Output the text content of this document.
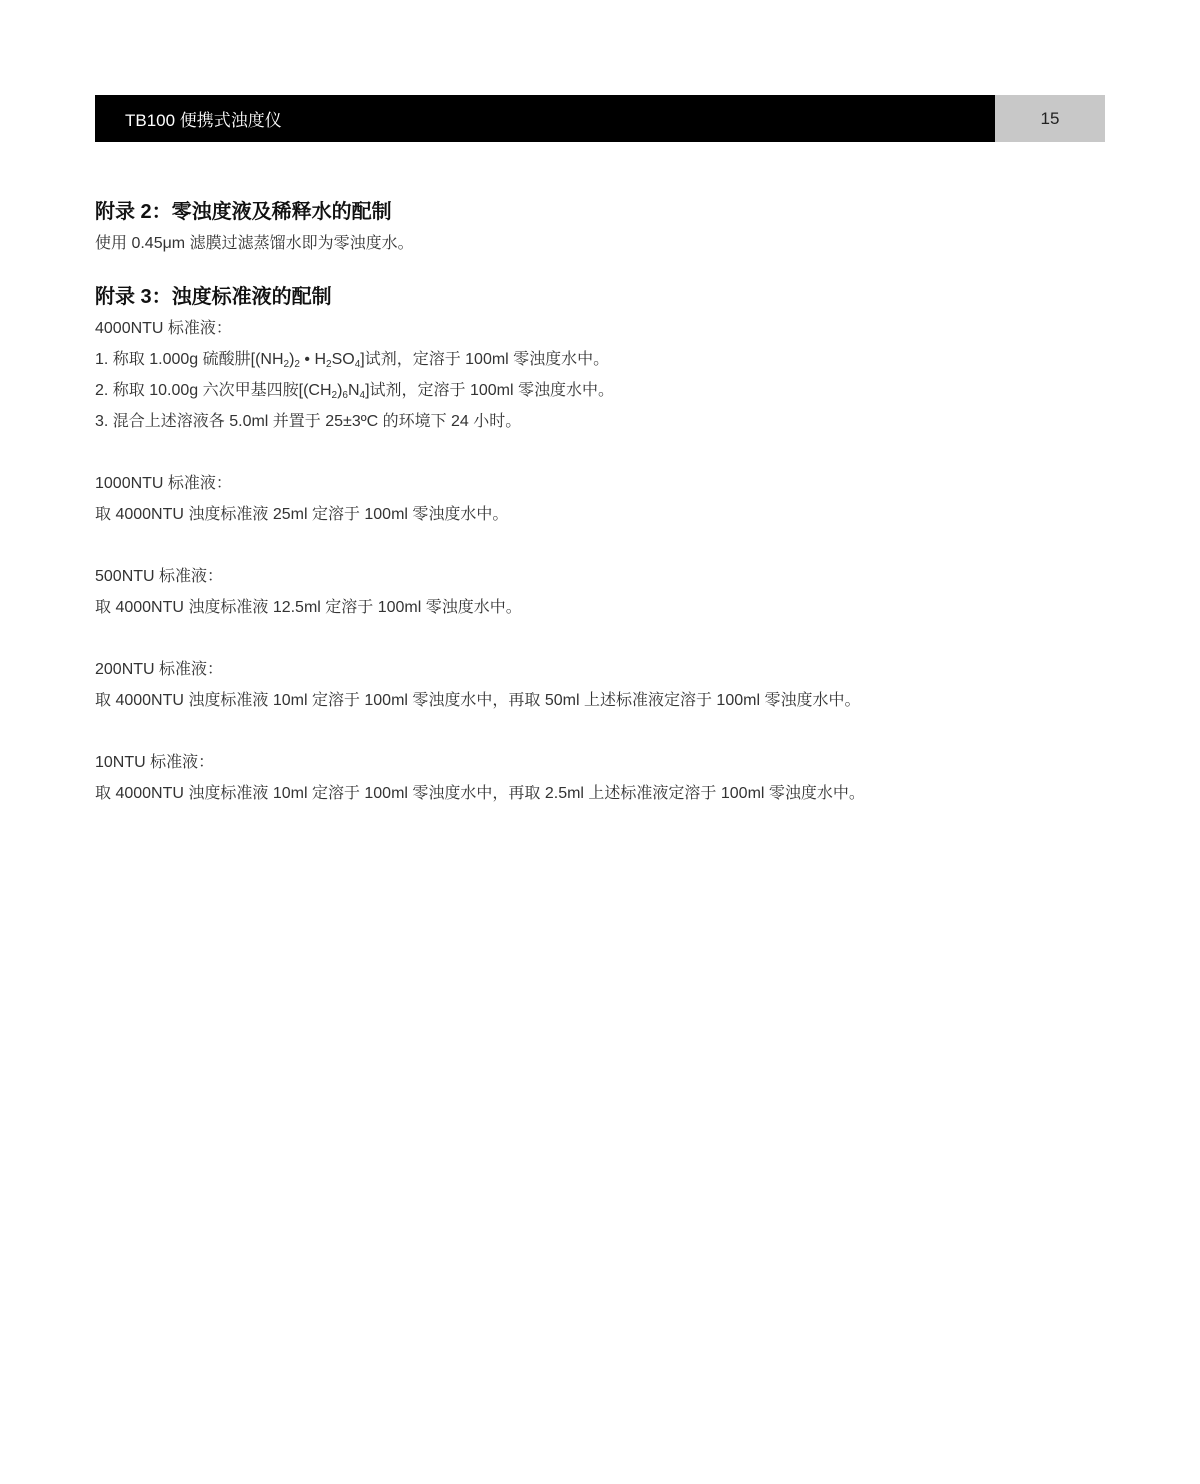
TB100 便携式浊度仪	15
附录 2：零浊度液及稀释水的配制
使用 0.45μm 滤膜过滤蒸馏水即为零浊度水。
附录 3：浊度标准液的配制
4000NTU 标准液：
1. 称取 1.000g 硫酸肼[$(NH_2)_2$ • $H_2SO_4$]试剂，定溶于 100ml 零浊度水中。
2. 称取 10.00g 六次甲基四胺$[(CH_2)_6N_4]$试剂，定溶于 100ml 零浊度水中。
3. 混合上述溶液各 5.0ml 并置于 25±3ºC 的环境下 24 小时。
1000NTU 标准液：
取 4000NTU 浊度标准液 25ml 定溶于 100ml 零浊度水中。
500NTU 标准液：
取 4000NTU 浊度标准液 12.5ml 定溶于 100ml 零浊度水中。
200NTU 标准液：
取 4000NTU 浊度标准液 10ml 定溶于 100ml 零浊度水中，再取 50ml 上述标准液定溶于 100ml 零浊度水中。
10NTU 标准液：
取 4000NTU 浊度标准液 10ml 定溶于 100ml 零浊度水中，再取 2.5ml 上述标准液定溶于 100ml 零浊度水中。
